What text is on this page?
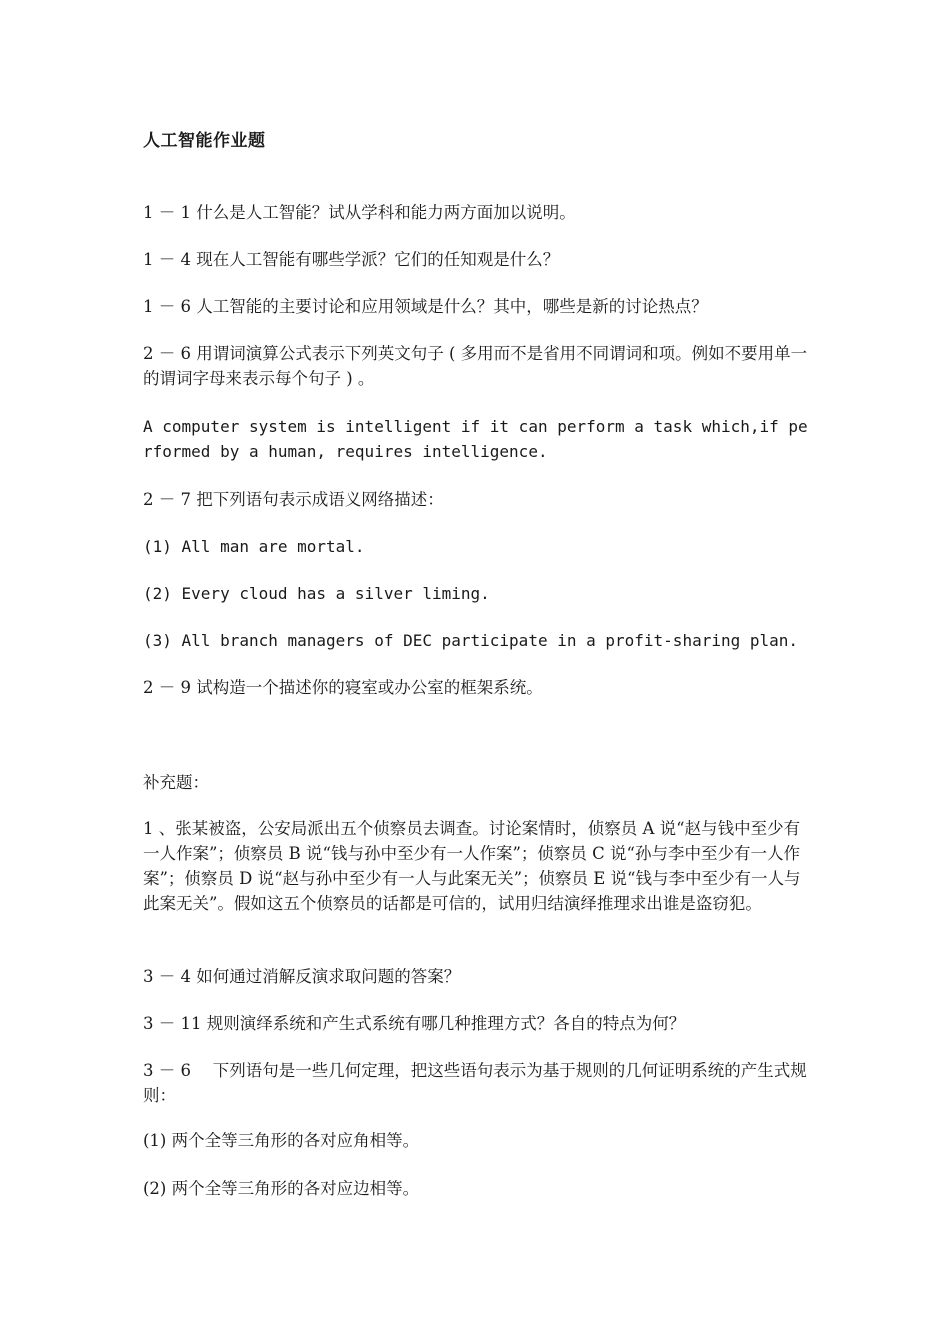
人工智能作业题
1 － 1 什么是人工智能？试从学科和能力两方面加以说明。
1 － 4 现在人工智能有哪些学派？它们的任知观是什么？
1 － 6 人工智能的主要讨论和应用领域是什么？其中，哪些是新的讨论热点？
2 － 6 用谓词演算公式表示下列英文句子 ( 多用而不是省用不同谓词和项。例如不要用单一的谓词字母来表示每个句子 ) 。
A computer system is intelligent if it can perform a task which,if performed by a human, requires intelligence.
2 － 7 把下列语句表示成语义网络描述：
(1) All man are mortal.
(2) Every cloud has a silver liming.
(3) All branch managers of DEC participate in a profit-sharing plan.
2 － 9 试构造一个描述你的寝室或办公室的框架系统。
补充题：
1 、张某被盗，公安局派出五个侦察员去调查。讨论案情时，侦察员 A 说“赵与钱中至少有一人作案”；侦察员 B 说“钱与孙中至少有一人作案”；侦察员 C 说“孙与李中至少有一人作案”；侦察员 D 说“赵与孙中至少有一人与此案无关”；侦察员 E 说“钱与李中至少有一人与此案无关”。假如这五个侦察员的话都是可信的，试用归结演绎推理求出谁是盗窃犯。
3 － 4 如何通过消解反演求取问题的答案？
3 － 11 规则演绎系统和产生式系统有哪几种推理方式？各自的特点为何？
3 － 6　 下列语句是一些几何定理，把这些语句表示为基于规则的几何证明系统的产生式规则：
(1) 两个全等三角形的各对应角相等。
(2) 两个全等三角形的各对应边相等。
